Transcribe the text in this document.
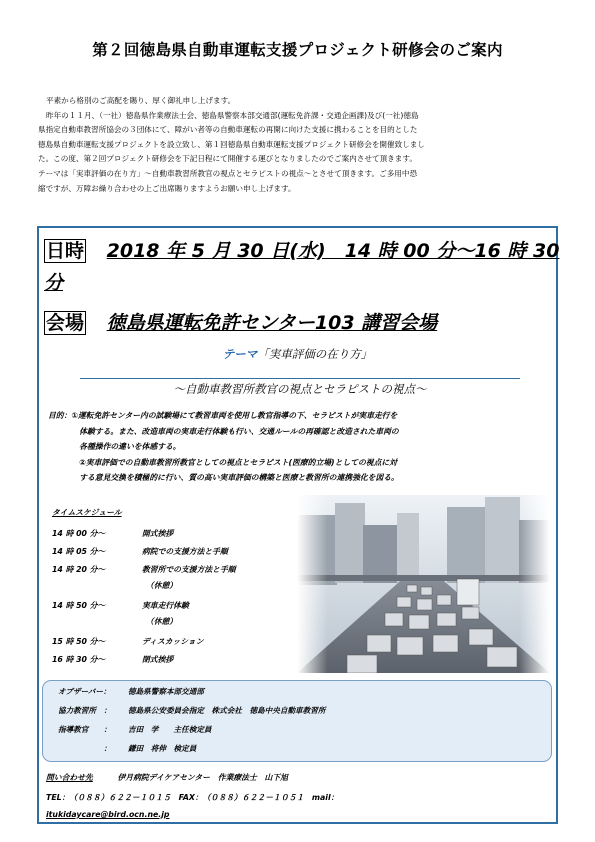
第２回徳島県自動車運転支援プロジェクト研修会のご案内

平素から格別のご高配を賜り、厚く御礼申し上げます。

昨年の１１月、（一社）徳島県作業療法士会、徳島県警察本部交通部(運転免許課・交通企画課)及び(一社)徳島

県指定自動車教習所協会の３団体にて、障がい者等の自動車運転の再開に向けた支援に携わることを目的とした

徳島県自動車運転支援プロジェクトを設立致し、第１回徳島県自動車運転支援プロジェクト研修会を開催致しまし

た。この度、第２回プロジェクト研修会を下記日程にて開催する運びとなりましたのでご案内させて頂きます。

テーマは「実車評価の在り方」～自動車教習所教官の視点とセラピストの視点～とさせて頂きます。ご多用中恐

縮ですが、万障お繰り合わせの上ご出席賜りますようお願い申し上げます。

日時 2018 年 5 月 30 日(水)　14 時 00 分～16 時 30
分
会場 徳島県運転免許センター103 講習会場
テーマ「実車評価の在り方」
～自動車教習所教官の視点とセラピストの視点～

目的：①運転免許センター内の試験場にて教習車両を使用し教官指導の下、セラピストが実車走行を

　　　　体験する。また、改造車両の実車走行体験も行い、交通ルールの再確認と改造された車両の

　　　　各種操作の違いを体感する。

　　　　②実車評価での自動車教習所教官としての視点とセラピスト(医療的立場)としての視点に対

　　　　する意見交換を積極的に行い、質の高い実車評価の構築と医療と教習所の連携強化を図る。

タイムスケジュール
14 時 00 分～	開式挨拶
14 時 05 分～	病院での支援方法と手順
14 時 20 分～	教習所での支援方法と手順
　（休憩）
14 時 50 分～	実車走行体験
　（休憩）
15 時 50 分～	ディスカッション
16 時 30 分～	閉式挨拶
オブザーバー： 徳島県警察本部交通部
協力教習所　： 徳島県公安委員会指定　株式会社　徳島中央自動車教習所
指導教官　　： 吉田　学　　主任検定員
　　　　　　： 鎌田　将伸　検定員
問い合わせ先	伊月病院デイケアセンター　作業療法士　山下旭
TEL：（０８８）６２２－１０１５　FAX：（０８８）６２２－１０５１　mail：
itukidaycare@bird.ocn.ne.jp
